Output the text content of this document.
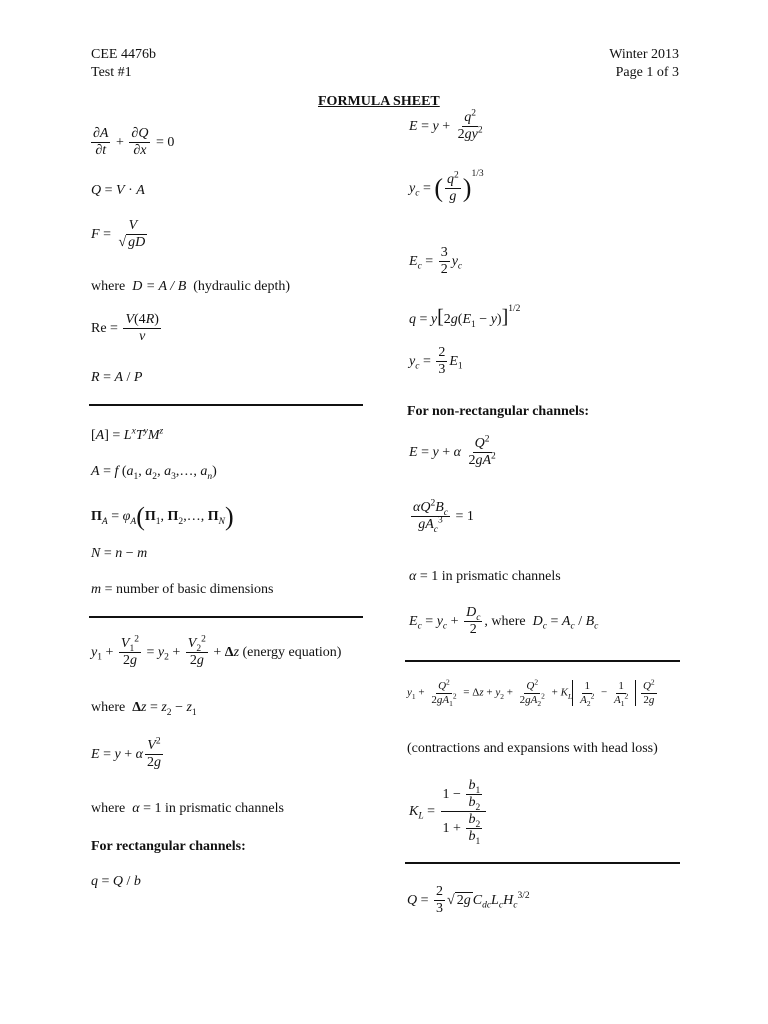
CEE 4476b
Test #1
Winter 2013
Page 1 of 3
FORMULA SHEET
$\frac{\partial A}{\partial t} + \frac{\partial Q}{\partial x} = 0$
Q = V · A
$F = \frac{V}{√ gD}$
where D = A / B (hydraulic depth)
$Re = \frac{V(4R)}{\nu}$
R = A / P
$[A] = L^xT^yM^z$
A = f ($a_1$, $a_2$, $a_3,\dots$, $a_n$)
$\Pi_A = \varphi_A(\Pi_1$, $\Pi_2,\dots$, $\Pi_N$)
N = n − m
m = number of basic dimensions
$y_1 + \frac{V_1^2}{2g} = y_2 + \frac{V_2^2}{2g} + \Delta z$ (energy equation)
where $\Delta z = z_2 - z_1$
E = y + α $\frac{V^2}{2g}$
where α = 1 in prismatic channels
For rectangular channels:
q = Q / b
$E = y + \frac{q^2}{2gy^2}$
$y_c$ = ( $\frac{q^2}{g} )^{1/3}$
$E_c = \frac{3}{2} y_c$
$q = y[2g(E_1 - y)]^{1/2}$
$y_c = \frac{2}{3} E_1$
For non-rectangular channels:
E = y + α $\frac{Q^2}{2gA^2}$
$\frac{\alpha Q^2B_c}{gA_c^3} = 1$
α = 1 in prismatic channels
$E_c = y_c + \frac{D_c}{2}$ , where $D_c = A_c / B_c$
$y_1 + \frac{Q^2}{2gA_1^2} = \Delta z + y_2 + \frac{Q^2}{2gA_2^2} + K_L \frac{1}{A_2^2} - \frac{1}{A_1^2}$
$\frac{Q^2}{2g}$
(contractions and expansions with head loss)
$K_L = \frac{1 - \frac{b_1}{b_2}}{1 + \frac{b_2}{b_1}}$
$Q = \frac{2}{3}$ √ 2g $C_{dc}L_cH_c^{3/2}$
